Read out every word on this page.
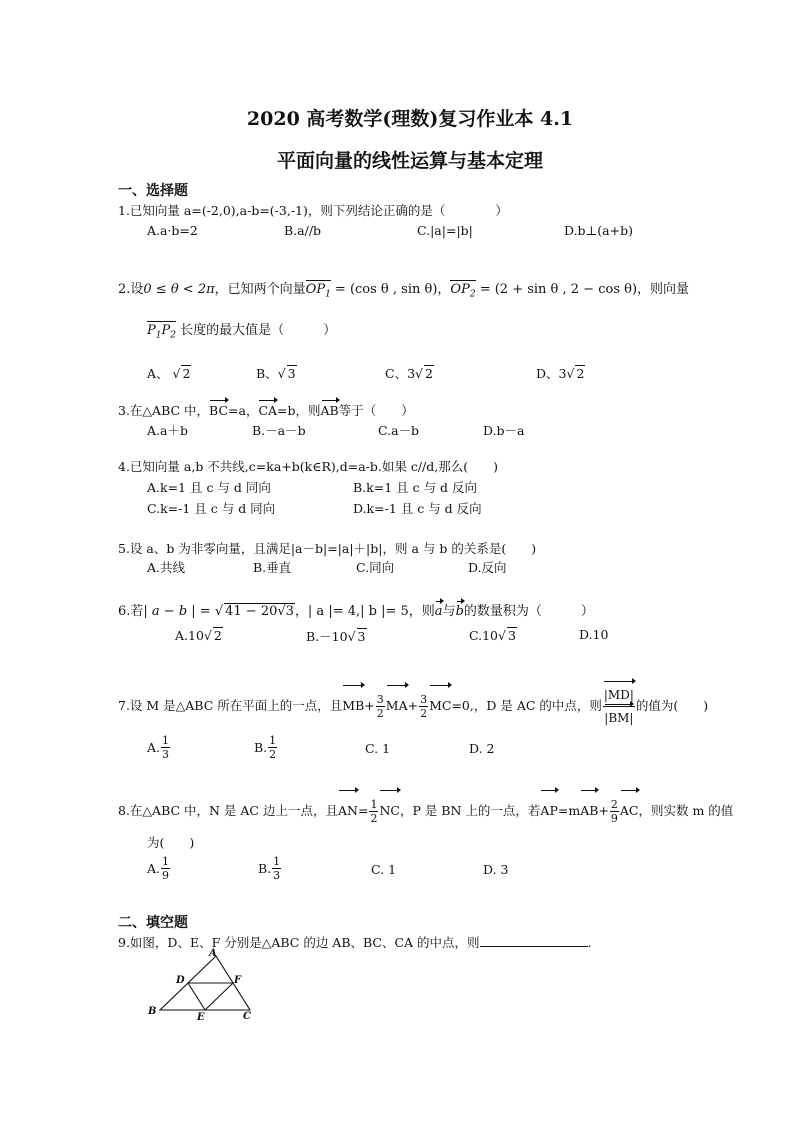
2020 高考数学(理数)复习作业本 4.1
平面向量的线性运算与基本定理
一、选择题
1.已知向量 a=(-2,0),a-b=(-3,-1)，则下列结论正确的是（　　　　）
A.a·b=2	B.a//b	C.|a|=|b|	D.b⊥(a+b)
2.设0 ≤ θ < 2π，已知两个向量$OP_1 = (\cos$ θ , sin θ)，$OP_2 = (2 + \sin \theta$ , 2 − cos θ)，则向量
$P_1P_2$ 长度的最大值是（　　　）
A、 √ 2	B、√ 3	C、3√ 2	D、3√ 2
3.在△ABC 中，BC=a，CA=b，则AB等于（　　）
A.a＋b	B.－a－b	C.a－b	D.b－a
4.已知向量 a,b 不共线,c=ka+b(k∈R),d=a-b.如果 c//d,那么(　　)
A.k=1 且 c 与 d 同向	B.k=1 且 c 与 d 反向
C.k=-1 且 c 与 d 同向	D.k=-1 且 c 与 d 反向
5.设 a、b 为非零向量，且满足|a－b|=|a|＋|b|，则 a 与 b 的关系是(　　)
A.共线	B.垂直	C.同向	D.反向
6.若| a − b | = √ 41 − 20√3，| a |= 4,| b |= 5，则a与b的数量积为（　　　）
A.10√ 2	B.－10√ 3	C.10√ 3	D.10
7.设 M 是△ABC 所在平面上的一点，且$MB+ \frac{3}{2} MA+ \frac{3}{2} MC=0$,，D 是 AC 的中点，则 $\frac{|MD|}{|BM|}$ 的值为(　　)
A. $\frac{1}{3}$	B. $\frac{1}{2}$	C. 1	D. 2
8.在△ABC 中，N 是 AC 边上一点，且$AN= \frac{1}{2}$ NC，P 是 BN 上的一点，若$AP=mAB+ \frac{2}{9}$ AC，则实数 m 的值
为(　　)
A. $\frac{1}{9}$	B. $\frac{1}{3}$	C. 1	D. 3
二、填空题
9.如图，D、E、F 分别是△ABC 的边 AB、BC、CA 的中点，则	.
A
D	F
B
E	C
